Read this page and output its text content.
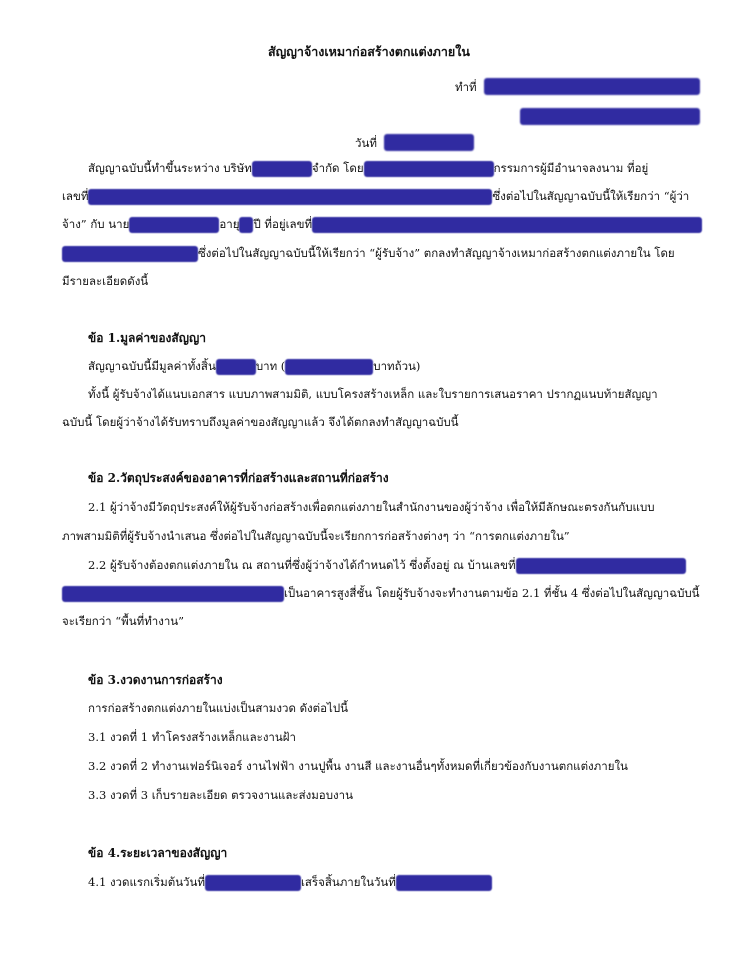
สัญญาจ้างเหมาก่อสร้างตกแต่งภายใน
ทำที่
วันที่
สัญญาฉบับนี้ทำขึ้นระหว่าง บริษัท	จำกัด โดย	กรรมการผู้มีอำนาจลงนาม ที่อยู่
เลขที่	ซึ่งต่อไปในสัญญาฉบับนี้ให้เรียกว่า “ผู้ว่า
จ้าง” กับ นาย	อายุ ปี ที่อยู่เลขที่
ซึ่งต่อไปในสัญญาฉบับนี้ให้เรียกว่า “ผู้รับจ้าง” ตกลงทำสัญญาจ้างเหมาก่อสร้างตกแต่งภายใน โดย
มีรายละเอียดดังนี้
ข้อ 1.มูลค่าของสัญญา
สัญญาฉบับนี้มีมูลค่าทั้งสิ้น	บาท (	บาทถ้วน)
ทั้งนี้ ผู้รับจ้างได้แนบเอกสาร แบบภาพสามมิติ, แบบโครงสร้างเหล็ก และใบรายการเสนอราคา ปรากฏแนบท้ายสัญญา
ฉบับนี้ โดยผู้ว่าจ้างได้รับทราบถึงมูลค่าของสัญญาแล้ว จึงได้ตกลงทำสัญญาฉบับนี้
ข้อ 2.วัตถุประสงค์ของอาคารที่ก่อสร้างและสถานที่ก่อสร้าง
2.1 ผู้ว่าจ้างมีวัตถุประสงค์ให้ผู้รับจ้างก่อสร้างเพื่อตกแต่งภายในสำนักงานของผู้ว่าจ้าง เพื่อให้มีลักษณะตรงกันกับแบบ
ภาพสามมิติที่ผู้รับจ้างนำเสนอ ซึ่งต่อไปในสัญญาฉบับนี้จะเรียกการก่อสร้างต่างๆ ว่า “การตกแต่งภายใน”
2.2 ผู้รับจ้างต้องตกแต่งภายใน ณ สถานที่ซึ่งผู้ว่าจ้างได้กำหนดไว้ ซึ่งตั้งอยู่ ณ บ้านเลขที่
เป็นอาคารสูงสี่ชั้น โดยผู้รับจ้างจะทำงานตามข้อ 2.1 ที่ชั้น 4 ซึ่งต่อไปในสัญญาฉบับนี้
จะเรียกว่า “พื้นที่ทำงาน”
ข้อ 3.งวดงานการก่อสร้าง
การก่อสร้างตกแต่งภายในแบ่งเป็นสามงวด ดังต่อไปนี้
3.1 งวดที่ 1 ทำโครงสร้างเหล็กและงานฝ้า
3.2 งวดที่ 2 ทำงานเฟอร์นิเจอร์ งานไฟฟ้า งานปูพื้น งานสี และงานอื่นๆทั้งหมดที่เกี่ยวข้องกับงานตกแต่งภายใน
3.3 งวดที่ 3 เก็บรายละเอียด ตรวจงานและส่งมอบงาน
ข้อ 4.ระยะเวลาของสัญญา
4.1 งวดแรกเริ่มต้นวันที่	เสร็จสิ้นภายในวันที่
